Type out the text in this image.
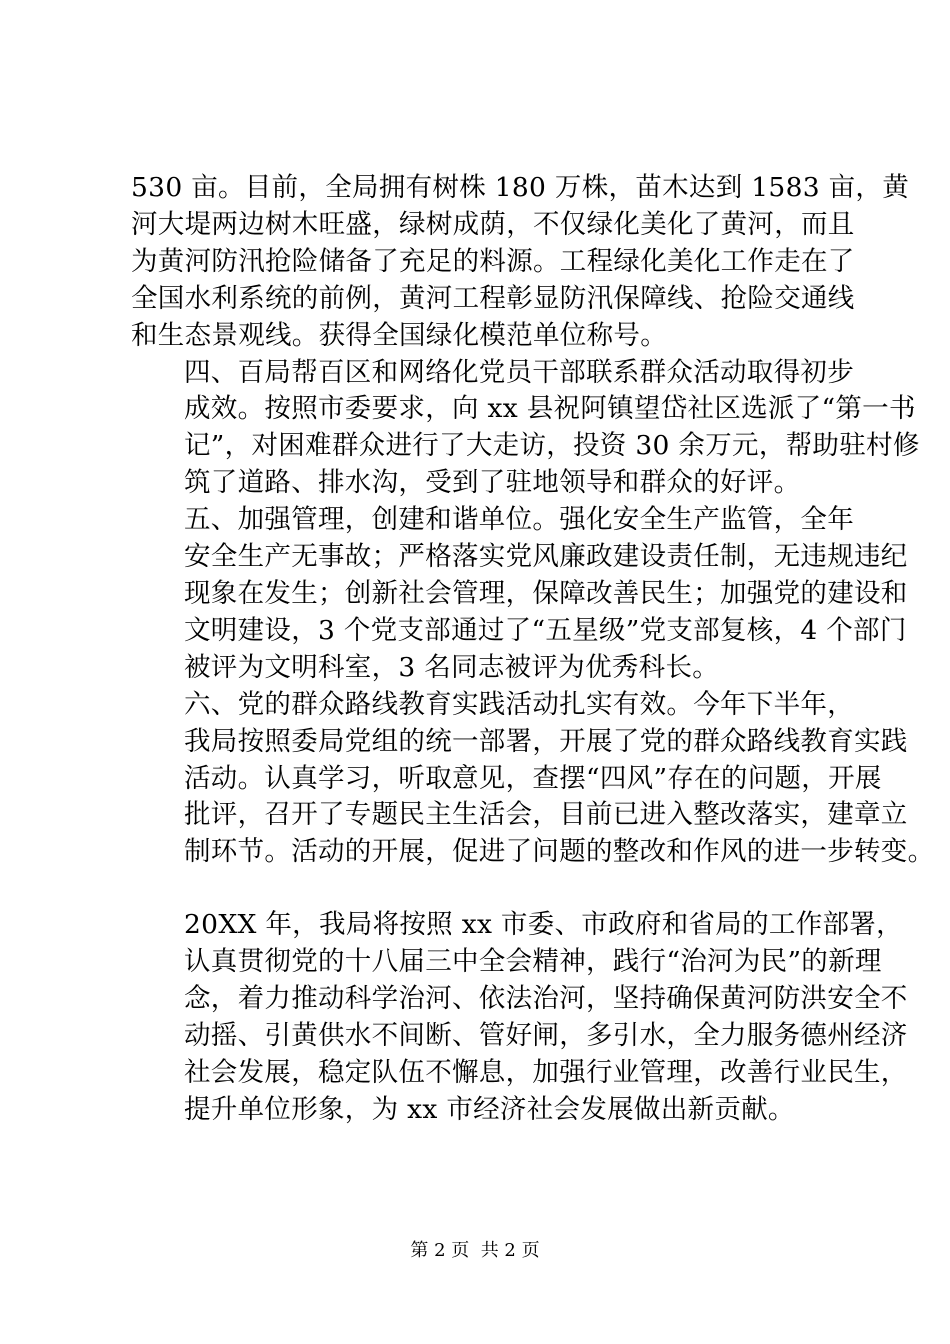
530 亩。目前，全局拥有树株 180 万株，苗木达到 1583 亩，黄
河大堤两边树木旺盛，绿树成荫，不仅绿化美化了黄河，而且
为黄河防汛抢险储备了充足的料源。工程绿化美化工作走在了
全国水利系统的前例，黄河工程彰显防汛保障线、抢险交通线
和生态景观线。获得全国绿化模范单位称号。

四、百局帮百区和网络化党员干部联系群众活动取得初步
成效。按照市委要求，向 xx 县祝阿镇望岱社区选派了“第一书
记”，对困难群众进行了大走访，投资 30 余万元，帮助驻村修
筑了道路、排水沟，受到了驻地领导和群众的好评。

五、加强管理，创建和谐单位。强化安全生产监管，全年
安全生产无事故；严格落实党风廉政建设责任制，无违规违纪
现象在发生；创新社会管理，保障改善民生；加强党的建设和
文明建设，3 个党支部通过了“五星级”党支部复核，4 个部门
被评为文明科室，3 名同志被评为优秀科长。

六、党的群众路线教育实践活动扎实有效。今年下半年，
我局按照委局党组的统一部署，开展了党的群众路线教育实践
活动。认真学习，听取意见，查摆“四风”存在的问题，开展
批评，召开了专题民主生活会，目前已进入整改落实，建章立
制环节。活动的开展，促进了问题的整改和作风的进一步转变。

20XX 年，我局将按照 xx 市委、市政府和省局的工作部署，
认真贯彻党的十八届三中全会精神，践行“治河为民”的新理
念，着力推动科学治河、依法治河，坚持确保黄河防洪安全不
动摇、引黄供水不间断、管好闸，多引水，全力服务德州经济
社会发展，稳定队伍不懈息，加强行业管理，改善行业民生，
提升单位形象，为 xx 市经济社会发展做出新贡献。

第 2 页  共 2 页
